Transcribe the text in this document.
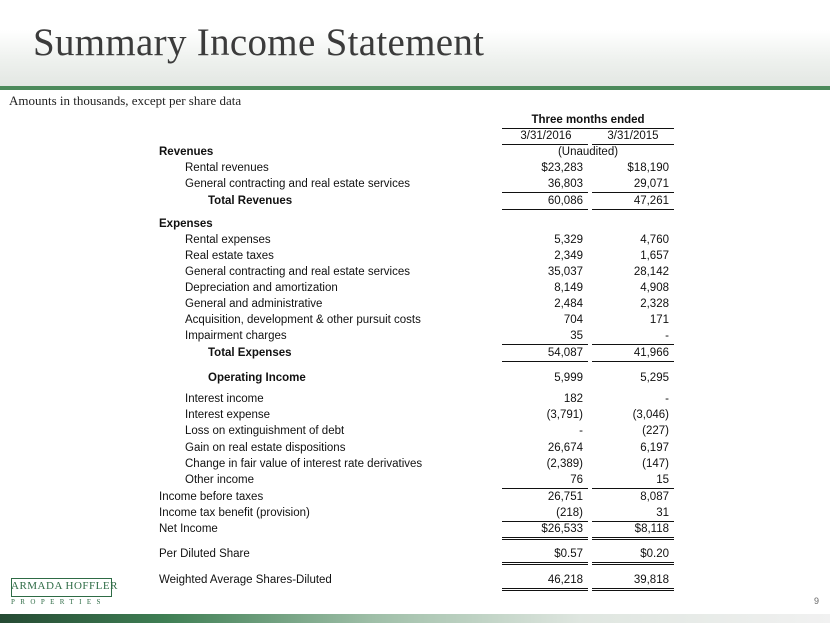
Summary Income Statement
Amounts in thousands, except per share data
Three months ended
3/31/2016	3/31/2015
(Unaudited)
Revenues
Rental revenues	$23,283	$18,190
General contracting and real estate services	36,803	29,071
Total Revenues	60,086	47,261
Expenses
Rental expenses	5,329	4,760
Real estate taxes	2,349	1,657
General contracting and real estate services	35,037	28,142
Depreciation and amortization	8,149	4,908
General and administrative	2,484	2,328
Acquisition, development & other pursuit costs	704	171
Impairment charges	35	-
Total Expenses	54,087	41,966
Operating Income	5,999	5,295
Interest income	182	-
Interest expense	(3,791)	(3,046)
Loss on extinguishment of debt	-	(227)
Gain on real estate dispositions	26,674	6,197
Change in fair value of interest rate derivatives	(2,389)	(147)
Other income	76	15
Income before taxes	26,751	8,087
Income tax benefit (provision)	(218)	31
Net Income	$26,533	$8,118
Per Diluted Share	$0.57	$0.20
Weighted Average Shares-Diluted	46,218	39,818
ARMADA HOFFLER
PROPERTIES	9
